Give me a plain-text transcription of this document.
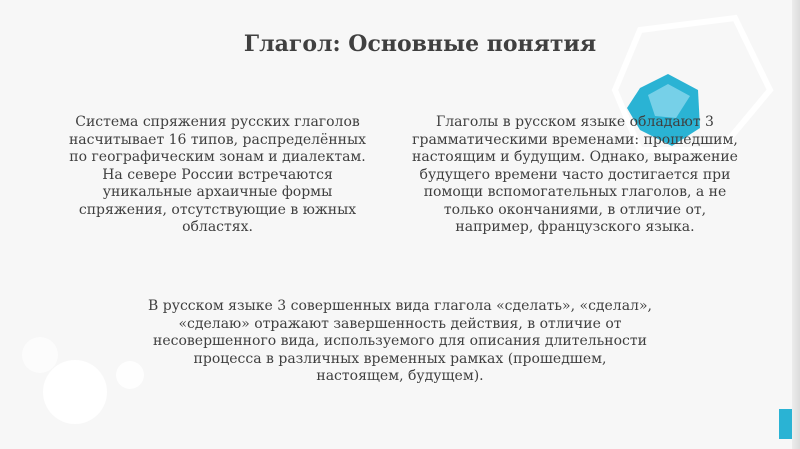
Глагол: Основные понятия
Система спряжения русских глаголов
насчитывает 16 типов, распределённых
по географическим зонам и диалектам.
На севере России встречаются
уникальные архаичные формы
спряжения, отсутствующие в южных
областях.
Глаголы в русском языке обладают 3
грамматическими временами: прошедшим,
настоящим и будущим. Однако, выражение
будущего времени часто достигается при
помощи вспомогательных глаголов, а не
только окончаниями, в отличие от,
например, французского языка.
В русском языке 3 совершенных вида глагола «сделать», «сделал»,
«сделаю» отражают завершенность действия, в отличие от
несовершенного вида, используемого для описания длительности
процесса в различных временных рамках (прошедшем,
настоящем, будущем).
